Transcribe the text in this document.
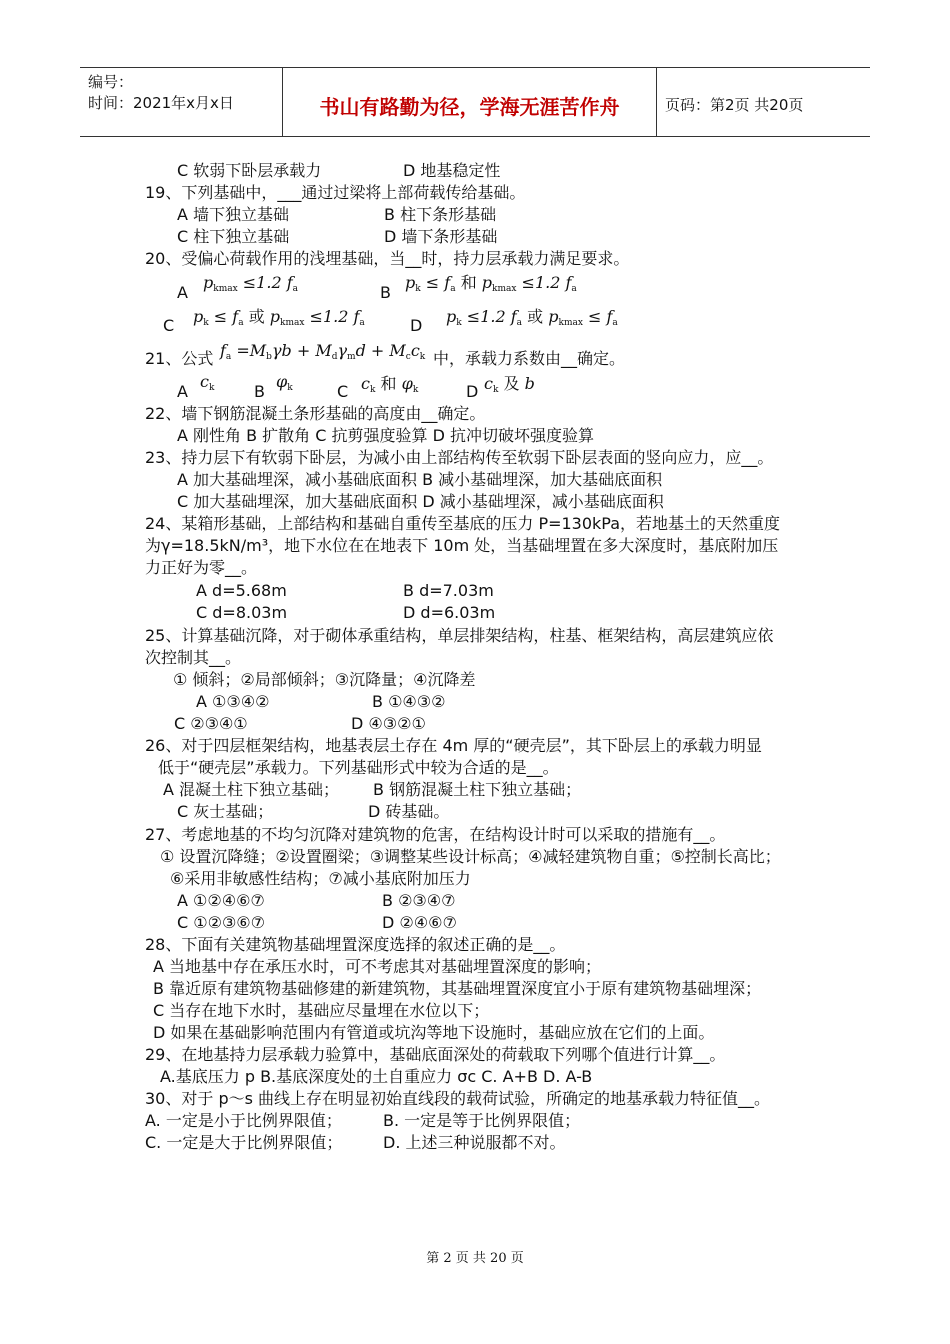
编号：
时间：2021年x月x日	书山有路勤为径，学海无涯苦作舟	页码：第2页 共20页
C 软弱下卧层承载力	D 地基稳定性
19、下列基础中，___通过过梁将上部荷载传给基础。
A 墙下独立基础	B 柱下条形基础
C 柱下独立基础	D 墙下条形基础
20、受偏心荷载作用的浅埋基础，当__时，持力层承载力满足要求。
A
$p_{kmax} \le 1.2$ $f_a$	B
$p_k \le f_a$ 和 $p_{kmax} \le 1.2$ $f_a$
C $p_k \le f_a$ 或 $p_{kmax} \le 1.2$ $f_a$	D $p_k \le 1.2$ $f_a$ 或 $p_{kmax} \le f_a$
21、公式 $f_a =M_b\gamma b + M_d\gamma_md + M_cc_k$ 中，承载力系数由__确定。
A
$c_k$ B
$\varphi_k$	C $c_k$ 和 $\varphi_k$	D $c_k$ 及 b
22、墙下钢筋混凝土条形基础的高度由__确定。
A 刚性角 B 扩散角 C 抗剪强度验算 D 抗冲切破坏强度验算
23、持力层下有软弱下卧层，为减小由上部结构传至软弱下卧层表面的竖向应力，应__。
A 加大基础埋深，减小基础底面积 B 减小基础埋深，加大基础底面积
C 加大基础埋深，加大基础底面积 D 减小基础埋深，减小基础底面积
24、某箱形基础，上部结构和基础自重传至基底的压力 P=130kPa，若地基土的天然重度
为γ=18.5kN/m³，地下水位在在地表下 10m 处，当基础埋置在多大深度时，基底附加压
力正好为零__。
A d=5.68m	B d=7.03m
C d=8.03m	D d=6.03m
25、计算基础沉降，对于砌体承重结构，单层排架结构，柱基、框架结构，高层建筑应依
次控制其__。
① 倾斜；②局部倾斜；③沉降量；④沉降差
A ①③④②	B ①④③②
C ②③④①	D ④③②①
26、对于四层框架结构，地基表层土存在 4m 厚的“硬壳层”，其下卧层上的承载力明显
低于“硬壳层”承载力。下列基础形式中较为合适的是__。
A 混凝土柱下独立基础； B 钢筋混凝土柱下独立基础；
C 灰士基础；	D 砖基础。
27、考虑地基的不均匀沉降对建筑物的危害，在结构设计时可以采取的措施有__。
① 设置沉降缝；②设置圈梁；③调整某些设计标高；④减轻建筑物自重；⑤控制长高比；
⑥采用非敏感性结构；⑦减小基底附加压力
A ①②④⑥⑦	B ②③④⑦
C ①②③⑥⑦	D ②④⑥⑦
28、下面有关建筑物基础埋置深度选择的叙述正确的是__。
A 当地基中存在承压水时，可不考虑其对基础埋置深度的影响；
B 靠近原有建筑物基础修建的新建筑物，其基础埋置深度宜小于原有建筑物基础埋深；
C 当存在地下水时，基础应尽量埋在水位以下；
D 如果在基础影响范围内有管道或坑沟等地下设施时，基础应放在它们的上面。
29、在地基持力层承载力验算中，基础底面深处的荷载取下列哪个值进行计算__。
A.基底压力 p B.基底深度处的土自重应力 σc C. A+B D. A-B
30、对于 p～s 曲线上存在明显初始直线段的载荷试验，所确定的地基承载力特征值__。
A. 一定是小于比例界限值；	B. 一定是等于比例界限值；
C. 一定是大于比例界限值；	D. 上述三种说服都不对。
第 2 页 共 20 页
